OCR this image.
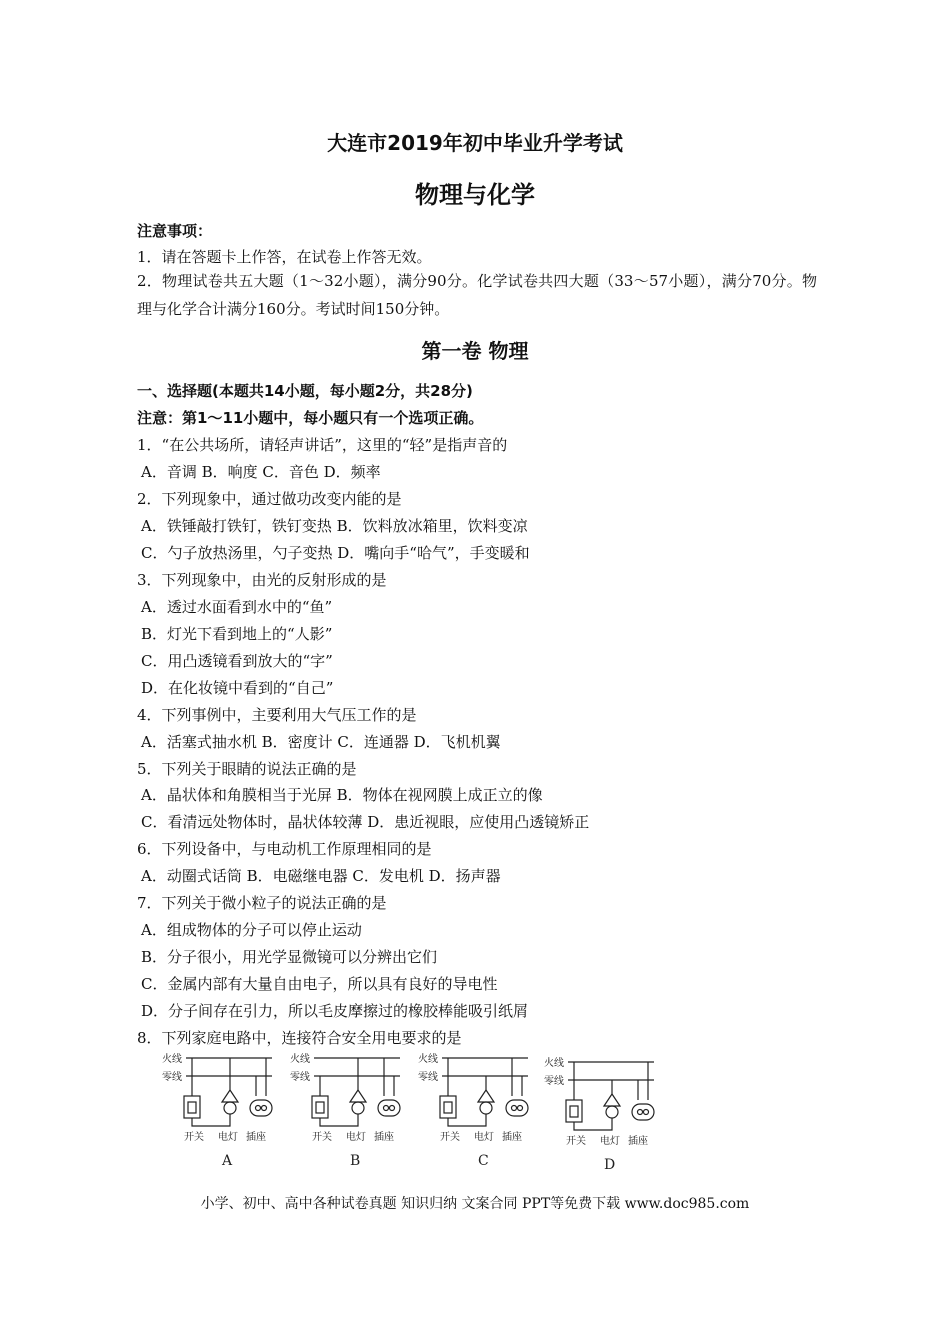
大连市2019年初中毕业升学考试
物理与化学
注意事项：
1．请在答题卡上作答，在试卷上作答无效。
2．物理试卷共五大题（1～32小题），满分90分。化学试卷共四大题（33～57小题），满分70分。物理与化学合计满分160分。考试时间150分钟。
第一卷 物理
一、选择题(本题共14小题，每小题2分，共28分)
注意：第1～11小题中，每小题只有一个选项正确。
1．“在公共场所，请轻声讲话”，这里的“轻”是指声音的
A．音调 B．响度 C．音色 D．频率
2．下列现象中，通过做功改变内能的是
A．铁锤敲打铁钉，铁钉变热 B．饮料放冰箱里，饮料变凉
C．勺子放热汤里，勺子变热 D．嘴向手“哈气”，手变暖和
3．下列现象中，由光的反射形成的是
A．透过水面看到水中的“鱼”
B．灯光下看到地上的“人影”
C．用凸透镜看到放大的“字”
D．在化妆镜中看到的“自己”
4．下列事例中，主要利用大气压工作的是
A．活塞式抽水机 B．密度计 C．连通器 D．飞机机翼
5．下列关于眼睛的说法正确的是
A．晶状体和角膜相当于光屏 B．物体在视网膜上成正立的像
C．看清远处物体时，晶状体较薄 D．患近视眼，应使用凸透镜矫正
6．下列设备中，与电动机工作原理相同的是
A．动圈式话筒 B．电磁继电器 C．发电机 D．扬声器
7．下列关于微小粒子的说法正确的是
A．组成物体的分子可以停止运动
B．分子很小，用光学显微镜可以分辨出它们
C．金属内部有大量自由电子，所以具有良好的导电性
D．分子间存在引力，所以毛皮摩擦过的橡胶棒能吸引纸屑
8．下列家庭电路中，连接符合安全用电要求的是
火线
零线
开关 电灯 插座
A
火线
零线
开关 电灯 插座
B
火线
零线
开关 电灯 插座
C
火线
零线
开关 电灯 插座
D
小学、初中、高中各种试卷真题 知识归纳 文案合同 PPT等免费下载 www.doc985.com
